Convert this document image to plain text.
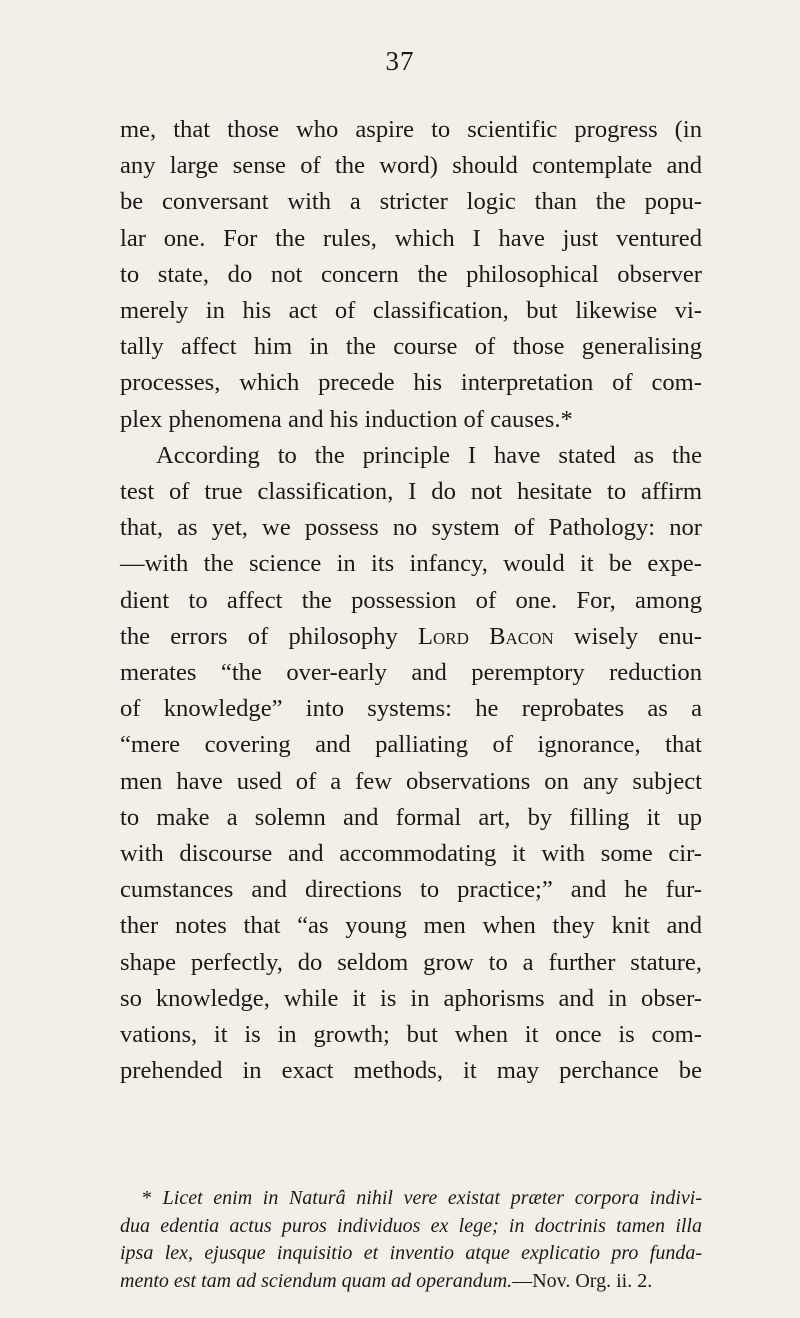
37
me, that those who aspire to scientific progress (in
any large sense of the word) should contemplate and
be conversant with a stricter logic than the popu-
lar one. For the rules, which I have just ventured
to state, do not concern the philosophical observer
merely in his act of classification, but likewise vi-
tally affect him in the course of those generalising
processes, which precede his interpretation of com-
plex phenomena and his induction of causes.*
According to the principle I have stated as the
test of true classification, I do not hesitate to affirm
that, as yet, we possess no system of Pathology: nor
—with the science in its infancy, would it be expe-
dient to affect the possession of one. For, among
the errors of philosophy Lord Bacon wisely enu-
merates “the over-early and peremptory reduction
of knowledge” into systems: he reprobates as a
“mere covering and palliating of ignorance, that
men have used of a few observations on any subject
to make a solemn and formal art, by filling it up
with discourse and accommodating it with some cir-
cumstances and directions to practice;” and he fur-
ther notes that “as young men when they knit and
shape perfectly, do seldom grow to a further stature,
so knowledge, while it is in aphorisms and in obser-
vations, it is in growth; but when it once is com-
prehended in exact methods, it may perchance be
* Licet enim in Naturâ nihil vere existat præter corpora indivi-
dua edentia actus puros individuos ex lege; in doctrinis tamen illa
ipsa lex, ejusque inquisitio et inventio atque explicatio pro funda-
mento est tam ad sciendum quam ad operandum.—Nov. Org. ii. 2.
